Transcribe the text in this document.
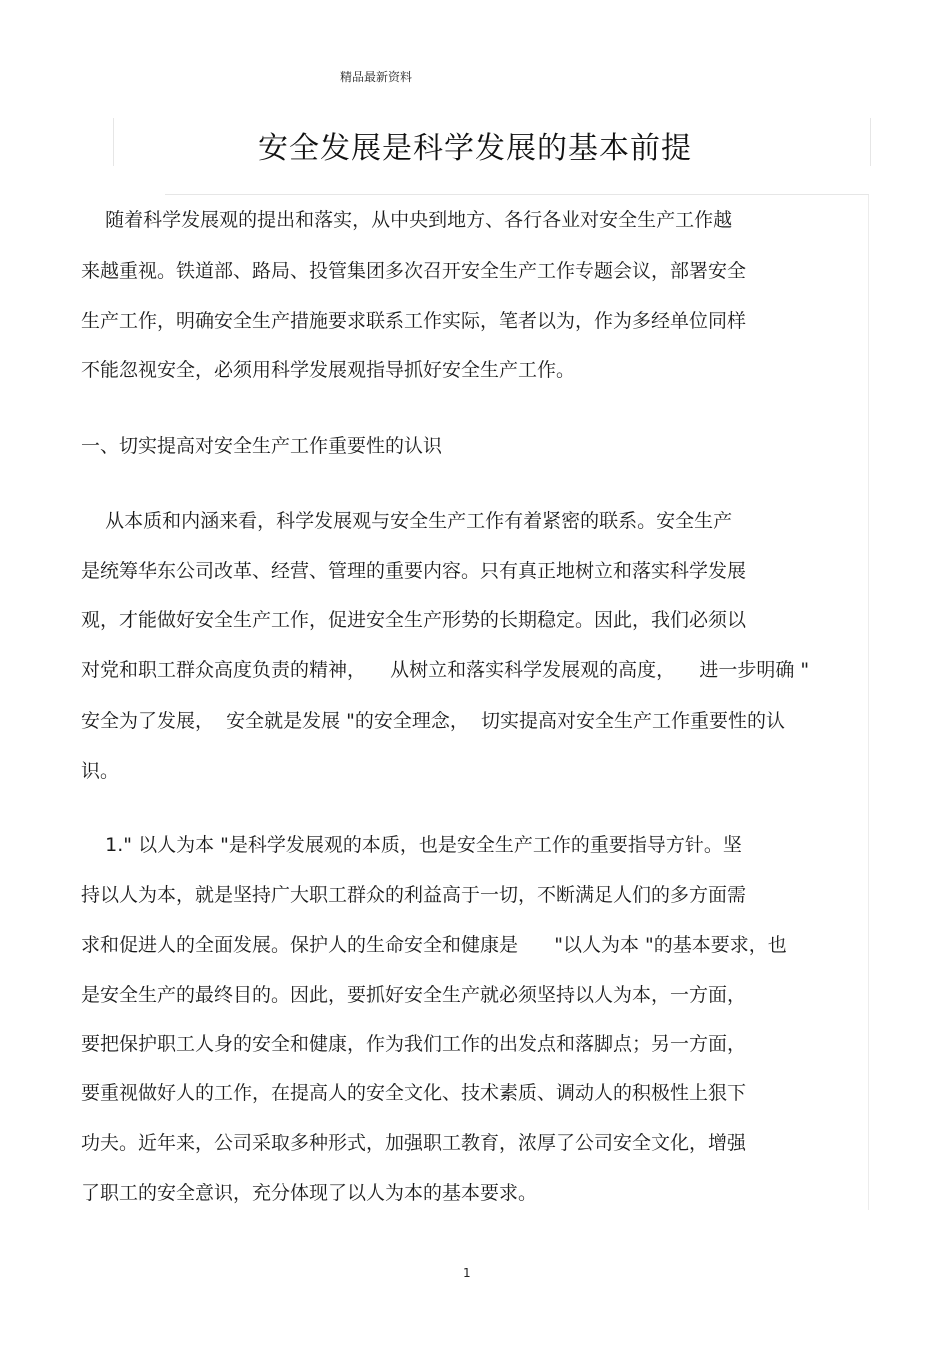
精品最新资料
安全发展是科学发展的基本前提
随着科学发展观的提出和落实，从中央到地方、各行各业对安全生产工作越
来越重视。铁道部、路局、投管集团多次召开安全生产工作专题会议，部署安全
生产工作，明确安全生产措施要求联系工作实际，笔者以为，作为多经单位同样
不能忽视安全，必须用科学发展观指导抓好安全生产工作。
一、切实提高对安全生产工作重要性的认识
从本质和内涵来看，科学发展观与安全生产工作有着紧密的联系。安全生产
是统筹华东公司改革、经营、管理的重要内容。只有真正地树立和落实科学发展
观，才能做好安全生产工作，促进安全生产形势的长期稳定。因此，我们必须以
对党和职工群众高度负责的精神，    从树立和落实科学发展观的高度，    进一步明确 "
安全为了发展，  安全就是发展 "的安全理念，  切实提高对安全生产工作重要性的认
识。
1." 以人为本 "是科学发展观的本质，也是安全生产工作的重要指导方针。坚
持以人为本，就是坚持广大职工群众的利益高于一切，不断满足人们的多方面需
求和促进人的全面发展。保护人的生命安全和健康是      "以人为本 "的基本要求，也
是安全生产的最终目的。因此，要抓好安全生产就必须坚持以人为本，一方面，
要把保护职工人身的安全和健康，作为我们工作的出发点和落脚点；另一方面，
要重视做好人的工作，在提高人的安全文化、技术素质、调动人的积极性上狠下
功夫。近年来，公司采取多种形式，加强职工教育，浓厚了公司安全文化，增强
了职工的安全意识，充分体现了以人为本的基本要求。
1
